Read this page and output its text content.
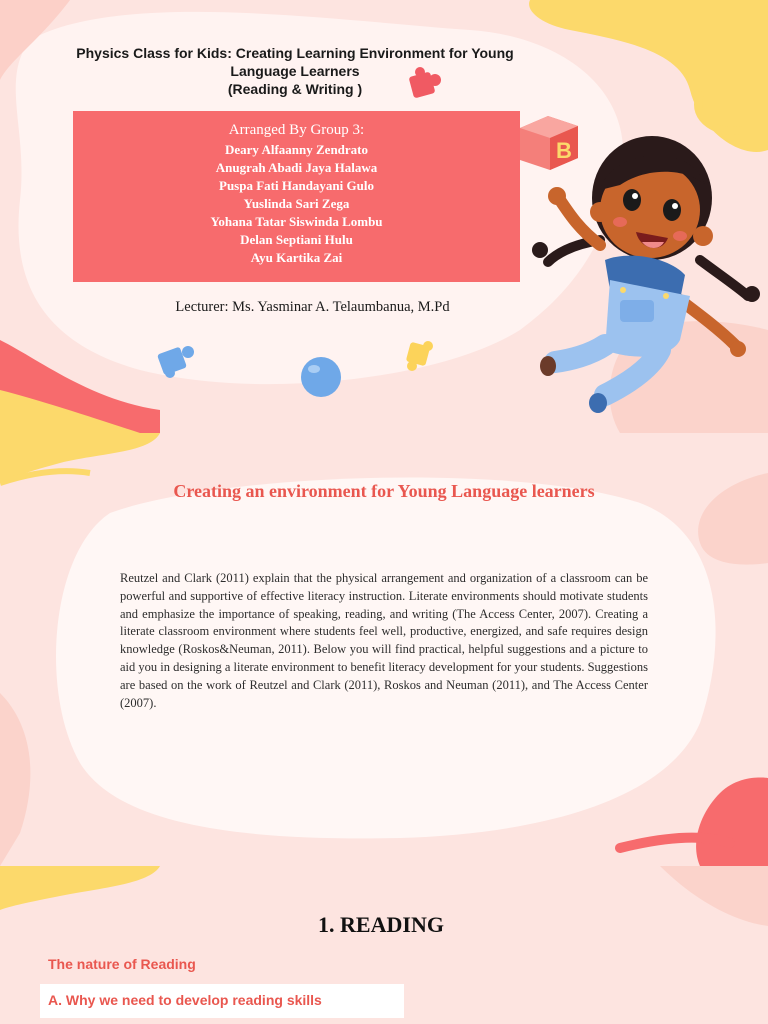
B
Physics Class for Kids: Creating Learning Environment for Young
Language Learners
(Reading & Writing )

Arranged By Group 3:

Deary Alfaanny Zendrato
Anugrah Abadi Jaya Halawa
Puspa Fati Handayani Gulo
Yuslinda Sari Zega
Yohana Tatar Siswinda Lombu
Delan Septiani Hulu
Ayu Kartika Zai

Lecturer: Ms. Yasminar A. Telaumbanua, M.Pd

Creating an environment for Young Language learners

Reutzel and Clark (2011) explain that the physical arrangement and organization of a classroom can be powerful and supportive of effective literacy instruction. Literate environments should motivate students and emphasize the importance of speaking, reading, and writing (The Access Center, 2007). Creating a literate classroom environment where students feel well, productive, energized, and safe requires design knowledge (Roskos&Neuman, 2011). Below you will find practical, helpful suggestions and a picture to aid you in designing a literate environment to benefit literacy development for your students. Suggestions are based on the work of Reutzel and Clark (2011), Roskos and Neuman (2011), and The Access Center (2007).

1. READING

The nature of Reading

A. Why we need to develop reading skills
